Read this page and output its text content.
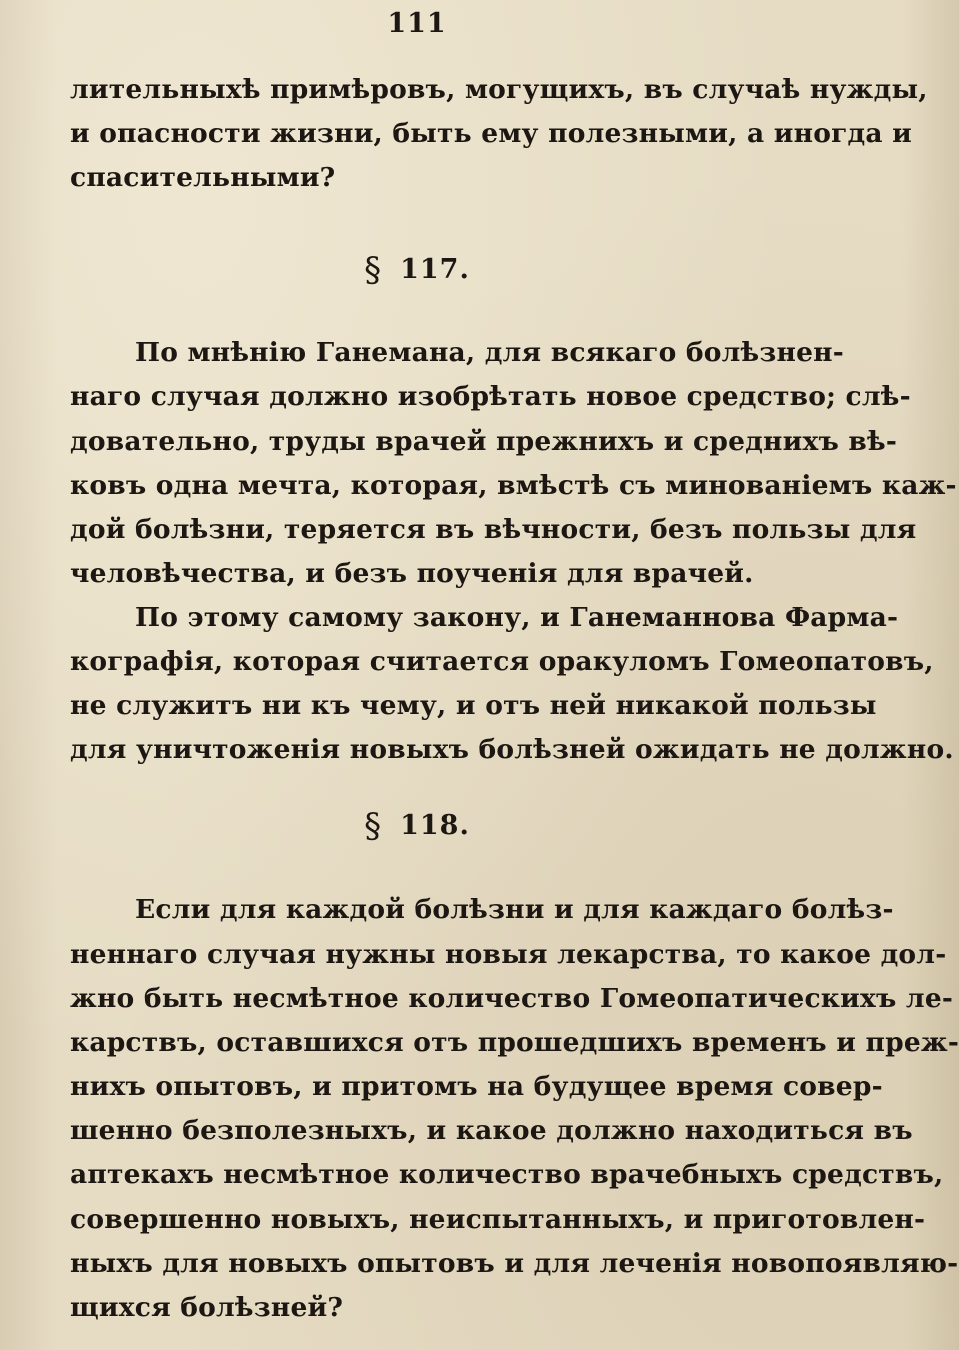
111
лительныхѣ примѣровъ, могущихъ, въ случаѣ нужды,
и опасности жизни, быть ему полезными, а иногда и
спасительными?
§ 117.
По мнѣнію Ганемана, для всякаго болѣзнен-
наго случая должно изобрѣтать новое средство; слѣ-
довательно, труды врачей прежнихъ и среднихъ вѣ-
ковъ одна мечта, которая, вмѣстѣ съ минованіемъ каж-
дой болѣзни, теряется въ вѣчности, безъ пользы для
человѣчества, и безъ поученія для врачей.
По этому самому закону, и Ганеманнова Фарма-
кографія, которая считается оракуломъ Гомеопатовъ,
не служитъ ни къ чему, и отъ ней никакой пользы
для уничтоженія новыхъ болѣзней ожидать не должно.
§ 118.
Если для каждой болѣзни и для каждаго болѣз-
неннаго случая нужны новыя лекарства, то какое дол-
жно быть несмѣтное количество Гомеопатическихъ ле-
карствъ, оставшихся отъ прошедшихъ временъ и преж-
нихъ опытовъ, и притомъ на будущее время совер-
шенно безполезныхъ, и какое должно находиться въ
аптекахъ несмѣтное количество врачебныхъ средствъ,
совершенно новыхъ, неиспытанныхъ, и приготовлен-
ныхъ для новыхъ опытовъ и для леченія новопоявляю-
щихся болѣзней?
